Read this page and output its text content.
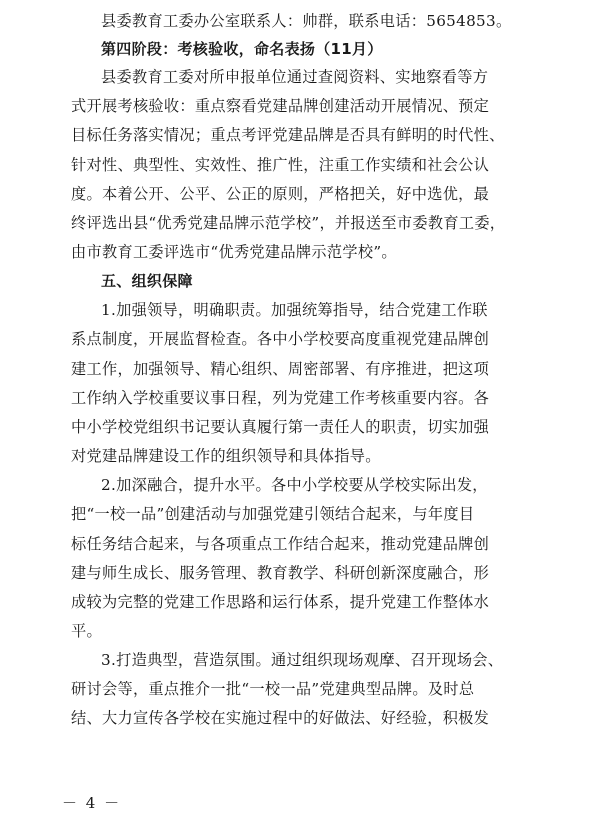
县委教育工委办公室联系人：帅群，联系电话：5654853。
第四阶段：考核验收，命名表扬（11月）
县委教育工委对所申报单位通过查阅资料、实地察看等方
式开展考核验收：重点察看党建品牌创建活动开展情况、预定
目标任务落实情况；重点考评党建品牌是否具有鲜明的时代性、
针对性、典型性、实效性、推广性，注重工作实绩和社会公认
度。本着公开、公平、公正的原则，严格把关，好中选优，最
终评选出县“优秀党建品牌示范学校”，并报送至市委教育工委，
由市教育工委评选市“优秀党建品牌示范学校”。
五、组织保障
1.加强领导，明确职责。加强统筹指导，结合党建工作联
系点制度，开展监督检查。各中小学校要高度重视党建品牌创
建工作，加强领导、精心组织、周密部署、有序推进，把这项
工作纳入学校重要议事日程，列为党建工作考核重要内容。各
中小学校党组织书记要认真履行第一责任人的职责，切实加强
对党建品牌建设工作的组织领导和具体指导。
2.加深融合，提升水平。各中小学校要从学校实际出发，
把“一校一品”创建活动与加强党建引领结合起来，与年度目
标任务结合起来，与各项重点工作结合起来，推动党建品牌创
建与师生成长、服务管理、教育教学、科研创新深度融合，形
成较为完整的党建工作思路和运行体系，提升党建工作整体水
平。
3.打造典型，营造氛围。通过组织现场观摩、召开现场会、
研讨会等，重点推介一批“一校一品”党建典型品牌。及时总
结、大力宣传各学校在实施过程中的好做法、好经验，积极发
－ 4 －
